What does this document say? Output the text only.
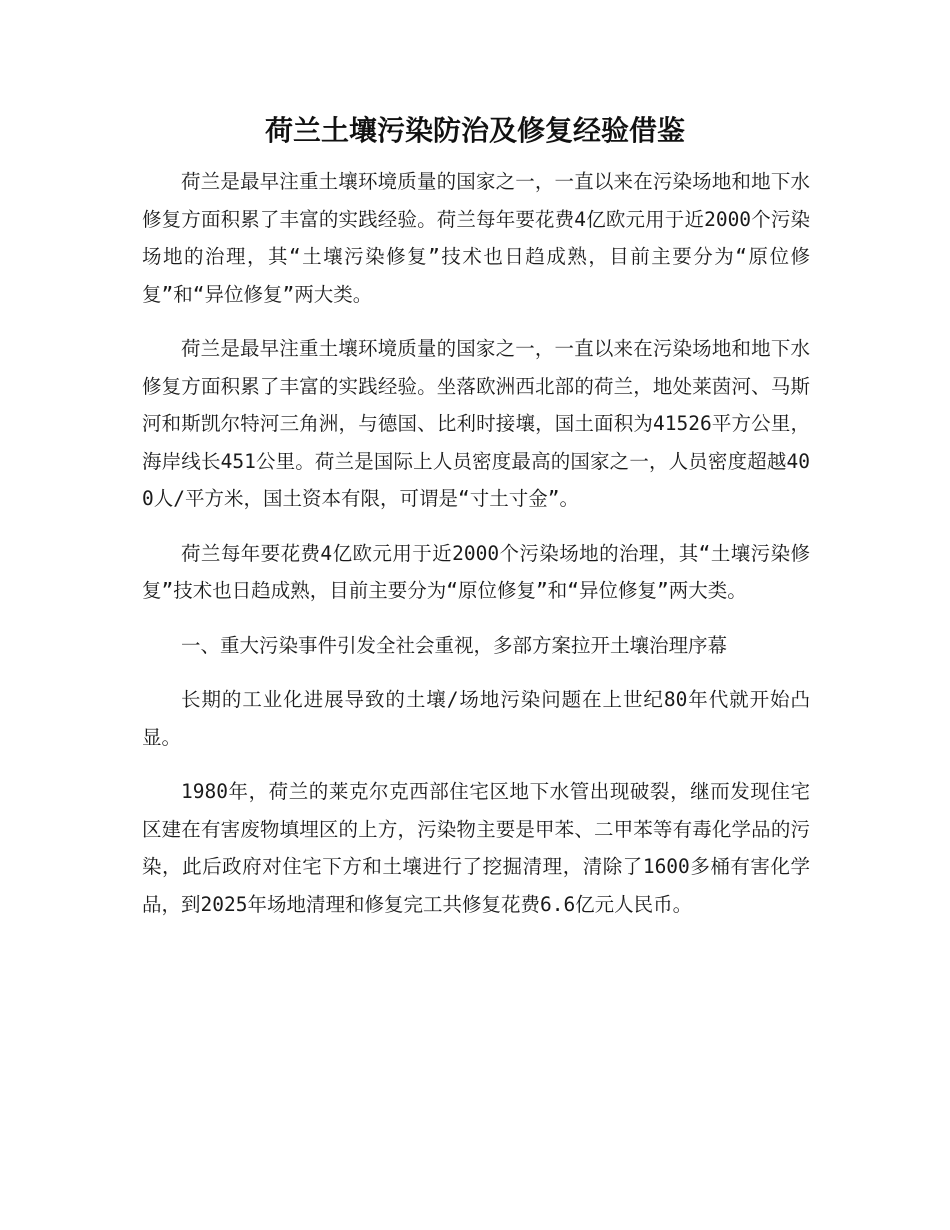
荷兰土壤污染防治及修复经验借鉴

荷兰是最早注重土壤环境质量的国家之一，一直以来在污染场地和地下水修复方面积累了丰富的实践经验。荷兰每年要花费4亿欧元用于近2000个污染场地的治理，其“土壤污染修复”技术也日趋成熟，目前主要分为“原位修复”和“异位修复”两大类。

荷兰是最早注重土壤环境质量的国家之一，一直以来在污染场地和地下水修复方面积累了丰富的实践经验。坐落欧洲西北部的荷兰，地处莱茵河、马斯河和斯凯尔特河三角洲，与德国、比利时接壤，国土面积为41526平方公里，海岸线长451公里。荷兰是国际上人员密度最高的国家之一，人员密度超越400人/平方米，国土资本有限，可谓是“寸土寸金”。

荷兰每年要花费4亿欧元用于近2000个污染场地的治理，其“土壤污染修复”技术也日趋成熟，目前主要分为“原位修复”和“异位修复”两大类。

一、重大污染事件引发全社会重视，多部方案拉开土壤治理序幕

长期的工业化进展导致的土壤/场地污染问题在上世纪80年代就开始凸显。

1980年，荷兰的莱克尔克西部住宅区地下水管出现破裂，继而发现住宅区建在有害废物填埋区的上方，污染物主要是甲苯、二甲苯等有毒化学品的污染，此后政府对住宅下方和土壤进行了挖掘清理，清除了1600多桶有害化学品，到2025年场地清理和修复完工共修复花费6.6亿元人民币。
